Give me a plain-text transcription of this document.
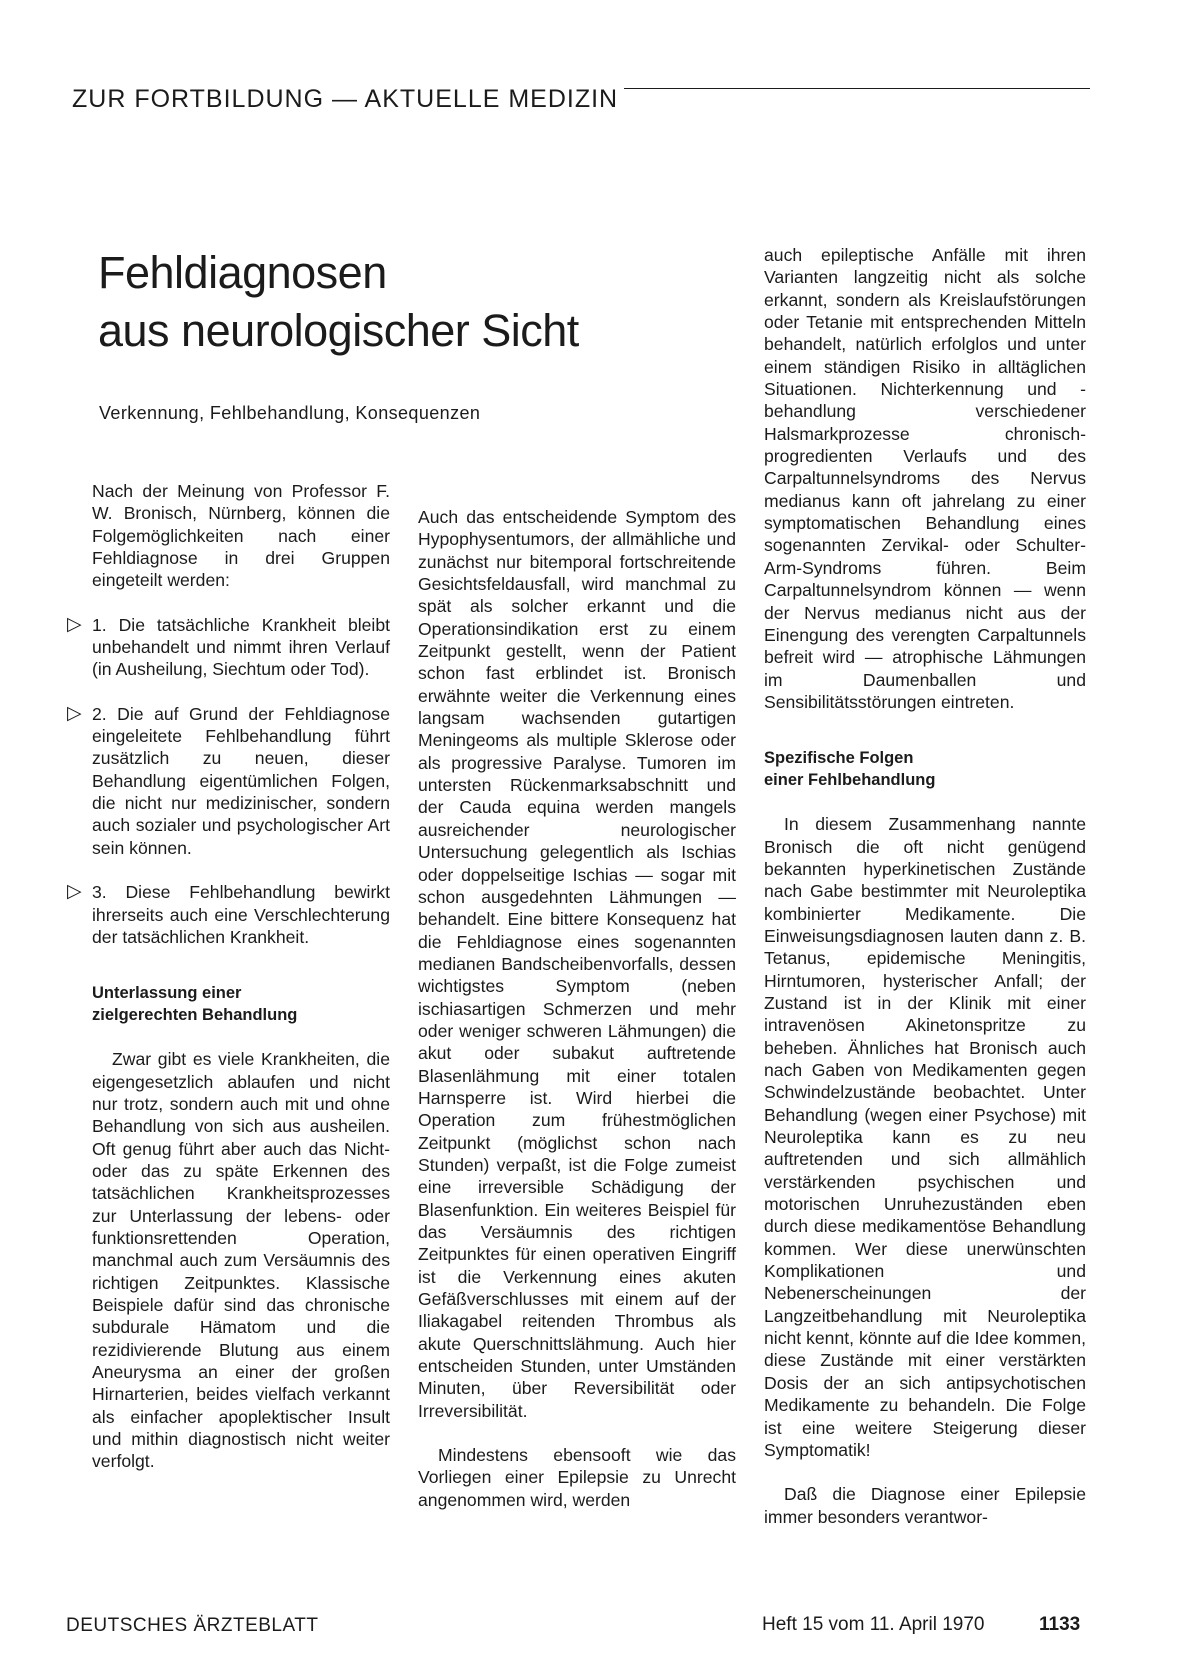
ZUR FORTBILDUNG — AKTUELLE MEDIZIN
Fehldiagnosen
aus neurologischer Sicht
Verkennung, Fehlbehandlung, Konsequenzen

Nach der Meinung von Professor F. W. Bronisch, Nürnberg, können die Folgemöglichkeiten nach einer Fehldiagnose in drei Gruppen eingeteilt werden:

▷ 1. Die tatsächliche Krankheit bleibt unbehandelt und nimmt ihren Verlauf (in Ausheilung, Siechtum oder Tod).

▷ 2. Die auf Grund der Fehldiagnose eingeleitete Fehlbehandlung führt zusätzlich zu neuen, dieser Behandlung eigentümlichen Folgen, die nicht nur medizinischer, sondern auch sozialer und psychologischer Art sein können.

▷ 3. Diese Fehlbehandlung bewirkt ihrerseits auch eine Verschlechterung der tatsächlichen Krankheit.

Unterlassung einer
zielgerechten Behandlung

Zwar gibt es viele Krankheiten, die eigengesetzlich ablaufen und nicht nur trotz, sondern auch mit und ohne Behandlung von sich aus ausheilen. Oft genug führt aber auch das Nicht- oder das zu späte Erkennen des tatsächlichen Krankheitsprozesses zur Unterlassung der lebens- oder funktionsrettenden Operation, manchmal auch zum Versäumnis des richtigen Zeitpunktes. Klassische Beispiele dafür sind das chronische subdurale Hämatom und die rezidivierende Blutung aus einem Aneurysma an einer der großen Hirnarterien, beides vielfach verkannt als einfacher apoplektischer Insult und mithin diagnostisch nicht weiter verfolgt.

Auch das entscheidende Symptom des Hypophysentumors, der allmähliche und zunächst nur bitemporal fortschreitende Gesichtsfeldausfall, wird manchmal zu spät als solcher erkannt und die Operationsindikation erst zu einem Zeitpunkt gestellt, wenn der Patient schon fast erblindet ist. Bronisch erwähnte weiter die Verkennung eines langsam wachsenden gutartigen Meningeoms als multiple Sklerose oder als progressive Paralyse. Tumoren im untersten Rückenmarksabschnitt und der Cauda equina werden mangels ausreichender neurologischer Untersuchung gelegentlich als Ischias oder doppelseitige Ischias — sogar mit schon ausgedehnten Lähmungen — behandelt. Eine bittere Konsequenz hat die Fehldiagnose eines sogenannten medianen Bandscheibenvorfalls, dessen wichtigstes Symptom (neben ischiasartigen Schmerzen und mehr oder weniger schweren Lähmungen) die akut oder subakut auftretende Blasenlähmung mit einer totalen Harnsperre ist. Wird hierbei die Operation zum frühestmöglichen Zeitpunkt (möglichst schon nach Stunden) verpaßt, ist die Folge zumeist eine irreversible Schädigung der Blasenfunktion. Ein weiteres Beispiel für das Versäumnis des richtigen Zeitpunktes für einen operativen Eingriff ist die Verkennung eines akuten Gefäßverschlusses mit einem auf der Iliakagabel reitenden Thrombus als akute Querschnittslähmung. Auch hier entscheiden Stunden, unter Umständen Minuten, über Reversibilität oder Irreversibilität.

Mindestens ebensooft wie das Vorliegen einer Epilepsie zu Unrecht angenommen wird, werden

auch epileptische Anfälle mit ihren Varianten langzeitig nicht als solche erkannt, sondern als Kreislaufstörungen oder Tetanie mit entsprechenden Mitteln behandelt, natürlich erfolglos und unter einem ständigen Risiko in alltäglichen Situationen. Nichterkennung und -behandlung verschiedener Halsmarkprozesse chronisch-progredienten Verlaufs und des Carpaltunnelsyndroms des Nervus medianus kann oft jahrelang zu einer symptomatischen Behandlung eines sogenannten Zervikal- oder Schulter-Arm-Syndroms führen. Beim Carpaltunnelsyndrom können — wenn der Nervus medianus nicht aus der Einengung des verengten Carpaltunnels befreit wird — atrophische Lähmungen im Daumenballen und Sensibilitätsstörungen eintreten.

Spezifische Folgen
einer Fehlbehandlung

In diesem Zusammenhang nannte Bronisch die oft nicht genügend bekannten hyperkinetischen Zustände nach Gabe bestimmter mit Neuroleptika kombinierter Medikamente. Die Einweisungsdiagnosen lauten dann z. B. Tetanus, epidemische Meningitis, Hirntumoren, hysterischer Anfall; der Zustand ist in der Klinik mit einer intravenösen Akinetonspritze zu beheben. Ähnliches hat Bronisch auch nach Gaben von Medikamenten gegen Schwindelzustände beobachtet. Unter Behandlung (wegen einer Psychose) mit Neuroleptika kann es zu neu auftretenden und sich allmählich verstärkenden psychischen und motorischen Unruhezuständen eben durch diese medikamentöse Behandlung kommen. Wer diese unerwünschten Komplikationen und Nebenerscheinungen der Langzeitbehandlung mit Neuroleptika nicht kennt, könnte auf die Idee kommen, diese Zustände mit einer verstärkten Dosis der an sich antipsychotischen Medikamente zu behandeln. Die Folge ist eine weitere Steigerung dieser Symptomatik!

Daß die Diagnose einer Epilepsie immer besonders verantwor-

DEUTSCHES ÄRZTEBLATT	Heft 15 vom 11. April 1970	1133
